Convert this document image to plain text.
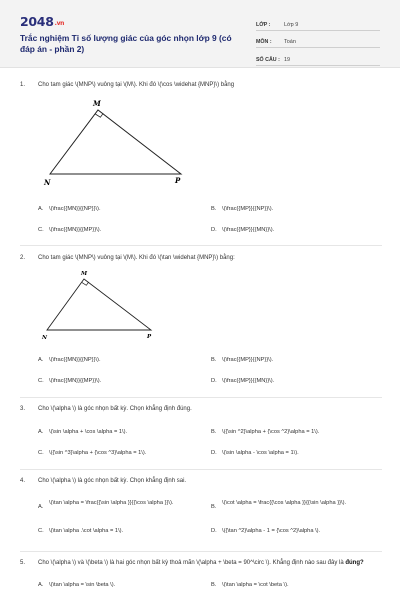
2048.vn
Trắc nghiệm Tỉ số lượng giác của góc nhọn lớp 9 (có đáp án - phần 2)
LỚP :	Lớp 9
MÔN :	Toán
SỐ CÂU : 19
1.	Cho tam giác \(MNP\) vuông tại \(M\). Khi đó \(\cos \widehat {MNP}\) bằng
M
N	P
A. \(\frac{{MN}}{{NP}}\).	B. \(\frac{{MP}}{{NP}}\).
C. \(\frac{{MN}}{{MP}}\).	D. \(\frac{{MP}}{{MN}}\).
2.	Cho tam giác \(MNP\) vuông tại \(M\). Khi đó \(\tan \widehat {MNP}\) bằng:
M
N	P
A. \(\frac{{MN}}{{NP}}\).	B. \(\frac{{MP}}{{NP}}\).
C. \(\frac{{MN}}{{MP}}\).	D. \(\frac{{MP}}{{MN}}\).
3.	Cho \(\alpha \) là góc nhọn bất kỳ. Chọn khẳng định đúng.
A. \(\sin \alpha + \cos \alpha = 1\).	B. \({\sin ^2}\alpha + {\cos ^2}\alpha = 1\).
C. \({\sin ^3}\alpha + {\cos ^3}\alpha = 1\).	D. \(\sin \alpha - \cos \alpha = 1\).
4.	Cho \(\alpha \) là góc nhọn bất kỳ. Chọn khẳng định sai.
A.
\(\tan \alpha = \frac{{\sin \alpha }}{{\cos \alpha }}\).
B.
\(\cot \alpha = \frac{{\cos \alpha }}{{\sin \alpha }}\).
C. \(\tan \alpha .\cot \alpha = 1\).	D. \({\tan ^2}\alpha - 1 = {\cos ^2}\alpha \).
5.	Cho \(\alpha \) và \(\beta \) là hai góc nhọn bất kỳ thoả mãn \(\alpha + \beta = 90^\circ \). Khẳng định nào sau đây là đúng?
A. \(\tan \alpha = \sin \beta \).	B. \(\tan \alpha = \cot \beta \).
